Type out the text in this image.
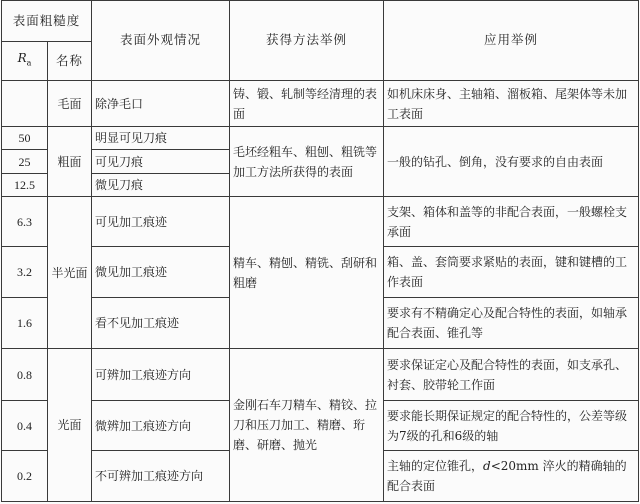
表面粗糙度		表面外观情况	获得方法举例	应用举例
$R_a$	名称			
	毛面	除净毛口	铸、锻、轧制等经清理的表面	如机床床身、主轴箱、溜板箱、尾架体等未加工表面
50	粗面	明显可见刀痕	毛坯经粗车、粗刨、粗铣等加工方法所获得的表面	一般的钻孔、倒角，没有要求的自由表面
25		可见刀痕		
12.5		微见刀痕		
6.3	半光面	可见加工痕迹	精车、精刨、精铣、刮研和粗磨	支架、箱体和盖等的非配合表面，一般螺栓支承面
3.2		微见加工痕迹		箱、盖、套筒要求紧贴的表面，键和键槽的工作表面
1.6		看不见加工痕迹		要求有不精确定心及配合特性的表面，如轴承配合表面、锥孔等
0.8	光面	可辨加工痕迹方向	金刚石车刀精车、精铰、拉刀和压刀加工、精磨、珩磨、研磨、抛光	要求保证定心及配合特性的表面，如支承孔、衬套、胶带轮工作面
0.4		微辨加工痕迹方向		要求能长期保证规定的配合特性的，公差等级为7级的孔和6级的轴
0.2		不可辨加工痕迹方向		主轴的定位锥孔，d<20mm 淬火的精确轴的配合表面
